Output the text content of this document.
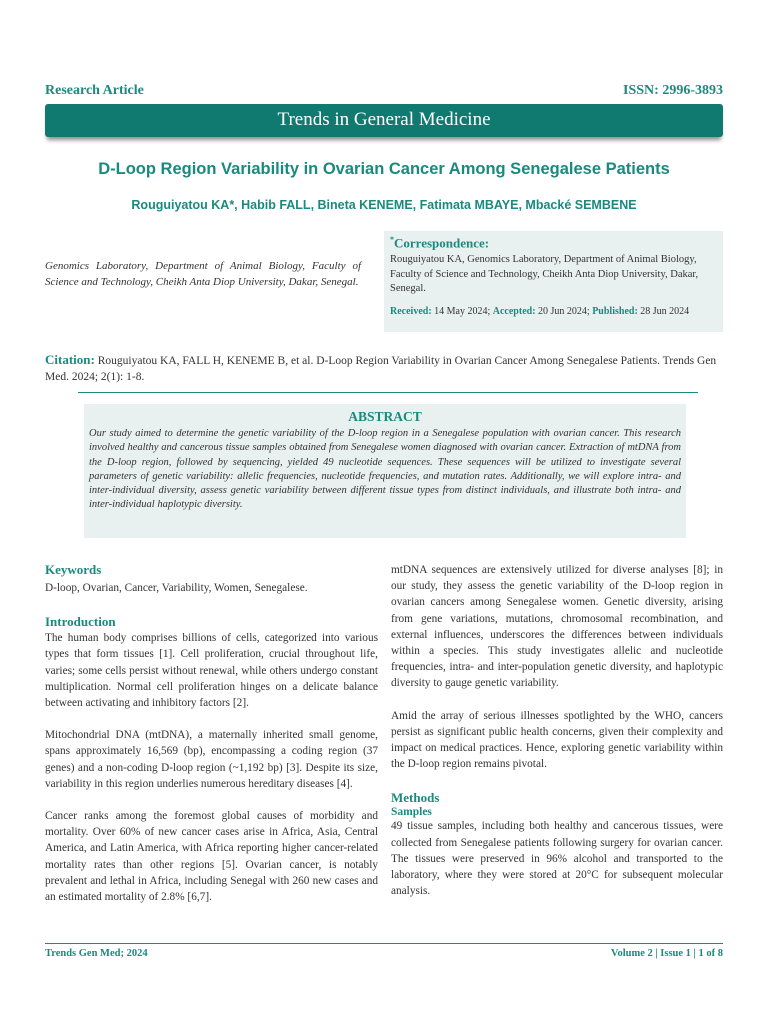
Research Article	ISSN: 2996-3893
Trends in General Medicine
D-Loop Region Variability in Ovarian Cancer Among Senegalese Patients
Rouguiyatou KA*, Habib FALL, Bineta KENEME, Fatimata MBAYE, Mbacké SEMBENE
Genomics Laboratory, Department of Animal Biology, Faculty of Science and Technology, Cheikh Anta Diop University, Dakar, Senegal.
*Correspondence:
Rouguiyatou KA, Genomics Laboratory, Department of Animal Biology, Faculty of Science and Technology, Cheikh Anta Diop University, Dakar, Senegal.
Received: 14 May 2024; Accepted: 20 Jun 2024; Published: 28 Jun 2024
Citation: Rouguiyatou KA, FALL H, KENEME B, et al. D-Loop Region Variability in Ovarian Cancer Among Senegalese Patients. Trends Gen Med. 2024; 2(1): 1-8.
ABSTRACT
Our study aimed to determine the genetic variability of the D-loop region in a Senegalese population with ovarian cancer. This research involved healthy and cancerous tissue samples obtained from Senegalese women diagnosed with ovarian cancer. Extraction of mtDNA from the D-loop region, followed by sequencing, yielded 49 nucleotide sequences. These sequences will be utilized to investigate several parameters of genetic variability: allelic frequencies, nucleotide frequencies, and mutation rates. Additionally, we will explore intra- and inter-individual diversity, assess genetic variability between different tissue types from distinct individuals, and illustrate both intra- and inter-individual haplotypic diversity.
Keywords
D-loop, Ovarian, Cancer, Variability, Women, Senegalese.
Introduction
The human body comprises billions of cells, categorized into various types that form tissues [1]. Cell proliferation, crucial throughout life, varies; some cells persist without renewal, while others undergo constant multiplication. Normal cell proliferation hinges on a delicate balance between activating and inhibitory factors [2].
Mitochondrial DNA (mtDNA), a maternally inherited small genome, spans approximately 16,569 (bp), encompassing a coding region (37 genes) and a non-coding D-loop region (~1,192 bp) [3]. Despite its size, variability in this region underlies numerous hereditary diseases [4].
Cancer ranks among the foremost global causes of morbidity and mortality. Over 60% of new cancer cases arise in Africa, Asia, Central America, and Latin America, with Africa reporting higher cancer-related mortality rates than other regions [5]. Ovarian cancer, is notably prevalent and lethal in Africa, including Senegal with 260 new cases and an estimated mortality of 2.8% [6,7].
mtDNA sequences are extensively utilized for diverse analyses [8]; in our study, they assess the genetic variability of the D-loop region in ovarian cancers among Senegalese women. Genetic diversity, arising from gene variations, mutations, chromosomal recombination, and external influences, underscores the differences between individuals within a species. This study investigates allelic and nucleotide frequencies, intra- and inter-population genetic diversity, and haplotypic diversity to gauge genetic variability.
Amid the array of serious illnesses spotlighted by the WHO, cancers persist as significant public health concerns, given their complexity and impact on medical practices. Hence, exploring genetic variability within the D-loop region remains pivotal.
Methods
Samples
49 tissue samples, including both healthy and cancerous tissues, were collected from Senegalese patients following surgery for ovarian cancer. The tissues were preserved in 96% alcohol and transported to the laboratory, where they were stored at 20°C for subsequent molecular analysis.
Trends Gen Med; 2024	Volume 2 | Issue 1 | 1 of 8
